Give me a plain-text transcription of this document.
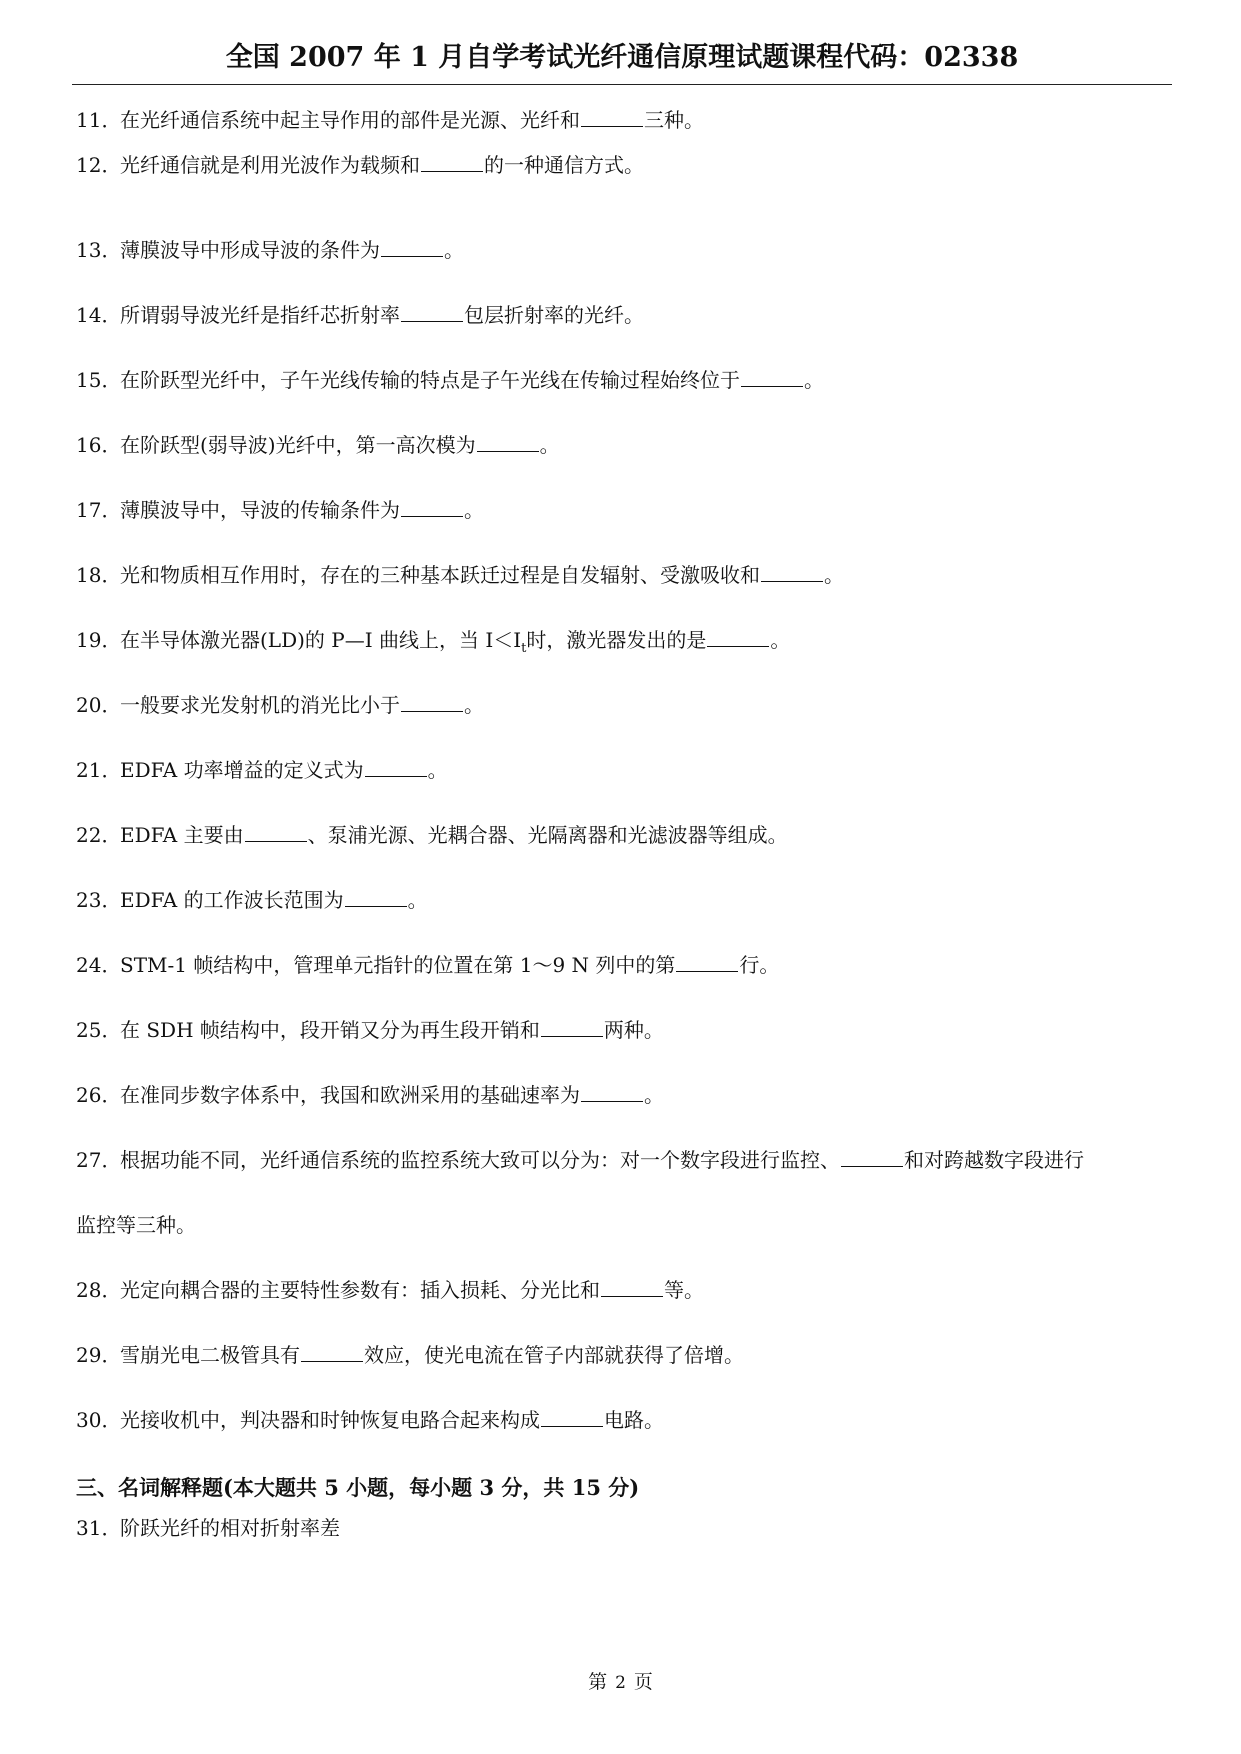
全国 2007 年 1 月自学考试光纤通信原理试题课程代码：02338
11．在光纤通信系统中起主导作用的部件是光源、光纤和	三种。
12．光纤通信就是利用光波作为载频和	的一种通信方式。
13．薄膜波导中形成导波的条件为	。
14．所谓弱导波光纤是指纤芯折射率	包层折射率的光纤。
15．在阶跃型光纤中，子午光线传输的特点是子午光线在传输过程始终位于	。
16．在阶跃型(弱导波)光纤中，第一高次模为	。
17．薄膜波导中，导波的传输条件为	。
18．光和物质相互作用时，存在的三种基本跃迁过程是自发辐射、受激吸收和	。
19．在半导体激光器(LD)的 P—I 曲线上，当 $I<I_t$时，激光器发出的是	。
20．一般要求光发射机的消光比小于	。
21．EDFA 功率增益的定义式为	。
22．EDFA 主要由	、泵浦光源、光耦合器、光隔离器和光滤波器等组成。
23．EDFA 的工作波长范围为	。
24．STM-1 帧结构中，管理单元指针的位置在第 1～9 N 列中的第	行。
25．在 SDH 帧结构中，段开销又分为再生段开销和	两种。
26．在准同步数字体系中，我国和欧洲采用的基础速率为	。
27．根据功能不同，光纤通信系统的监控系统大致可以分为：对一个数字段进行监控、	和对跨越数字段进行
监控等三种。
28．光定向耦合器的主要特性参数有：插入损耗、分光比和	等。
29．雪崩光电二极管具有	效应，使光电流在管子内部就获得了倍增。
30．光接收机中，判决器和时钟恢复电路合起来构成	电路。
三、名词解释题(本大题共 5 小题，每小题 3 分，共 15 分)
31．阶跃光纤的相对折射率差
第 2 页
